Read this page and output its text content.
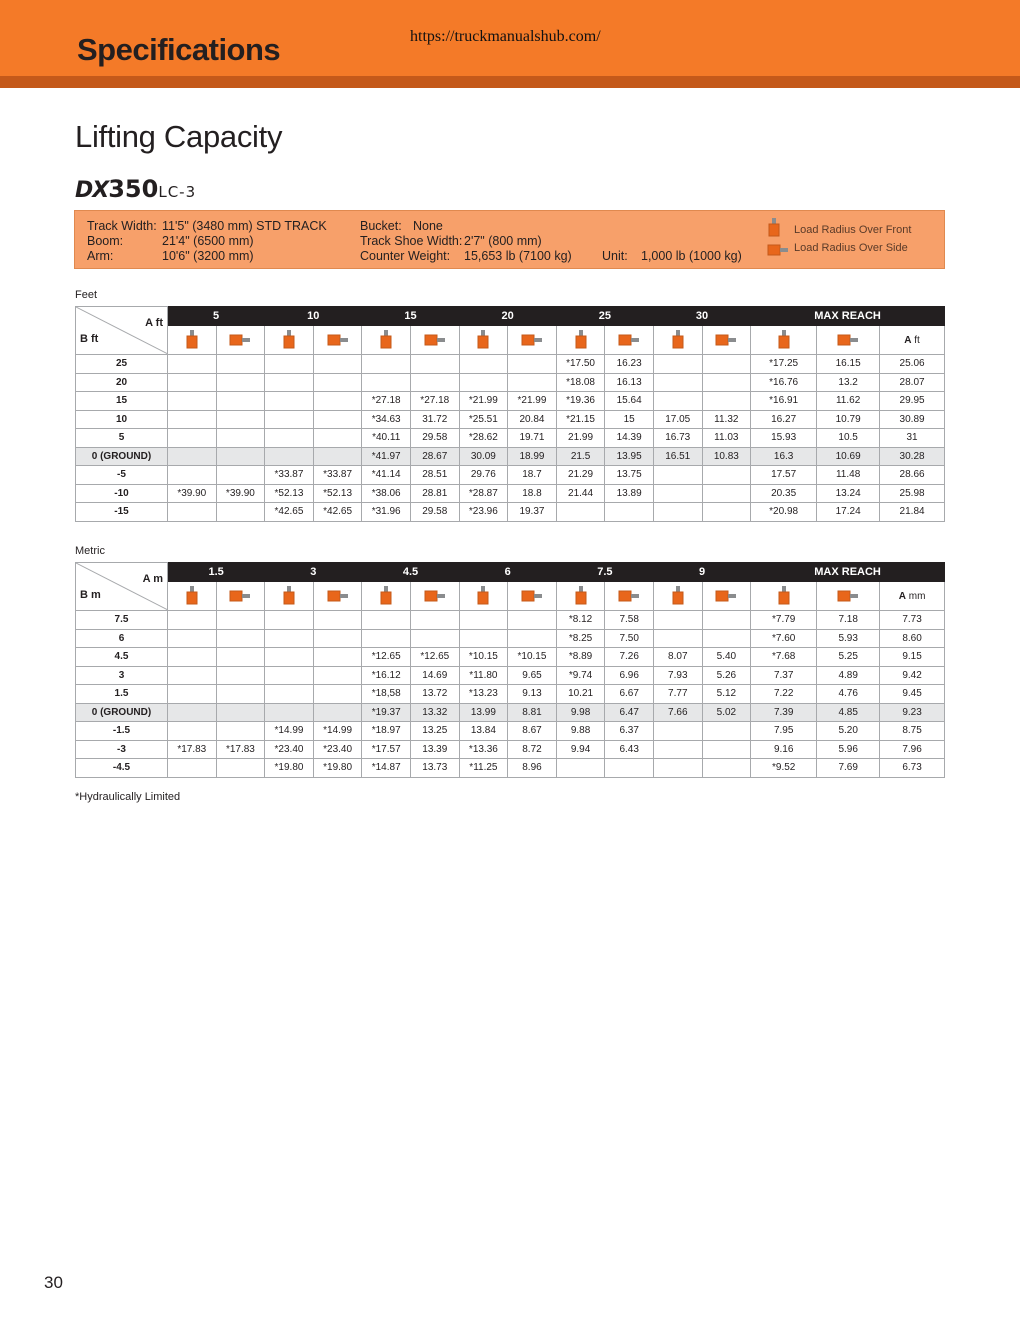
Specifications	https://truckmanualshub.com/
Lifting Capacity
DX350LC-3
Track Width: 11'5" (3480 mm) STD TRACK
Boom:	21'4" (6500 mm)
Arm:	10'6" (3200 mm)
Bucket: None
Track Shoe Width: 2'7" (800 mm)
Counter Weight: 15,653 lb (7100 kg) Unit: 1,000 lb (1000 kg)
Load Radius Over Front
Load Radius Over Side
Feet
A ft
B ft	5		10		15		20		25		30		MAX REACH		
														A ft
25									*17.50	16.23			*17.25	16.15	25.06
20									*18.08	16.13			*16.76	13.2	28.07
15					*27.18	*27.18	*21.99	*21.99	*19.36	15.64			*16.91	11.62	29.95
10					*34.63	31.72	*25.51	20.84	*21.15	15	17.05	11.32	16.27	10.79	30.89
5					*40.11	29.58	*28.62	19.71	21.99	14.39	16.73	11.03	15.93	10.5	31
0 (GROUND)					*41.97	28.67	30.09	18.99	21.5	13.95	16.51	10.83	16.3	10.69	30.28
-5			*33.87	*33.87	*41.14	28.51	29.76	18.7	21.29	13.75			17.57	11.48	28.66
-10	*39.90	*39.90	*52.13	*52.13	*38.06	28.81	*28.87	18.8	21.44	13.89			20.35	13.24	25.98
-15			*42.65	*42.65	*31.96	29.58	*23.96	19.37					*20.98	17.24	21.84
Metric
A m
B m	1.5		3		4.5		6		7.5		9		MAX REACH		
														A mm
7.5									*8.12	7.58			*7.79	7.18	7.73
6									*8.25	7.50			*7.60	5.93	8.60
4.5					*12.65	*12.65	*10.15	*10.15	*8.89	7.26	8.07	5.40	*7.68	5.25	9.15
3					*16.12	14.69	*11.80	9.65	*9.74	6.96	7.93	5.26	7.37	4.89	9.42
1.5					*18,58	13.72	*13.23	9.13	10.21	6.67	7.77	5.12	7.22	4.76	9.45
0 (GROUND)					*19.37	13.32	13.99	8.81	9.98	6.47	7.66	5.02	7.39	4.85	9.23
-1.5			*14.99	*14.99	*18.97	13.25	13.84	8.67	9.88	6.37			7.95	5.20	8.75
-3	*17.83	*17.83	*23.40	*23.40	*17.57	13.39	*13.36	8.72	9.94	6.43			9.16	5.96	7.96
-4.5			*19.80	*19.80	*14.87	13.73	*11.25	8.96					*9.52	7.69	6.73
*Hydraulically Limited
30
